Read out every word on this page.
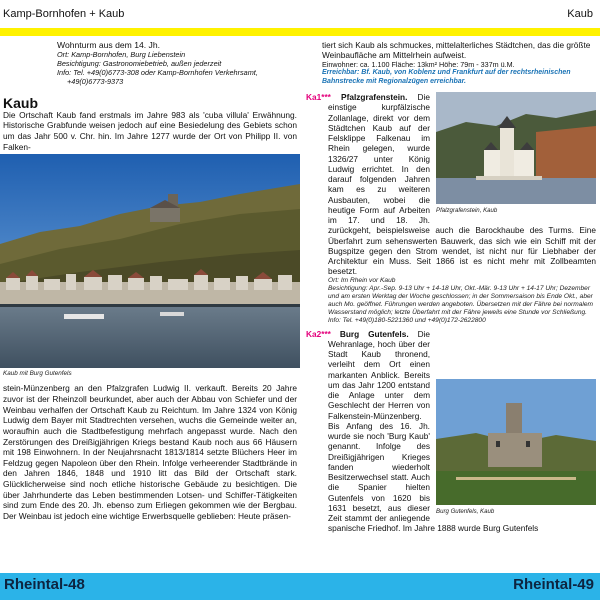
Kamp-Bornhofen + Kaub	Kaub
Wohnturm aus dem 14. Jh.
Ort: Kamp-Bornhofen, Burg Liebenstein
Besichtigung: Gastronomiebetrieb, außen jederzeit
Info: Tel. +49(0)6773-308 oder Kamp-Bornhofen Verkehrsamt,
+49(0)6773-9373
Kaub
Die Ortschaft Kaub fand erstmals im Jahre 983 als 'cuba villula' Erwähnung. Historische Grabfunde weisen jedoch auf eine Besiedelung des Gebiets schon um das Jahr 500 v. Chr. hin. Im Jahre 1277 wurde der Ort von Philipp II. von Falken-
Kaub mit Burg Gutenfels
stein-Münzenberg an den Pfalzgrafen Ludwig II. verkauft. Bereits 20 Jahre zuvor ist der Rheinzoll beurkundet, aber auch der Abbau von Schiefer und der Weinbau verhalfen der Ortschaft Kaub zu Reichtum. Im Jahre 1324 von König Ludwig dem Bayer mit Stadtrechten versehen, wuchs die Gemeinde weiter an, woraufhin auch die Stadtbefestigung mehrfach angepasst wurde. Nach den Zerstörungen des Dreißigjährigen Kriegs bestand Kaub noch aus 66 Häusern mit 198 Einwohnern. In der Neujahrsnacht 1813/1814 setzte Blüchers Heer im Feldzug gegen Napoleon über den Rhein. Infolge verheerender Stadtbrände in den Jahren 1846, 1848 und 1910 litt das Bild der Ortschaft stark. Glücklicherweise sind noch etliche historische Gebäude zu besichtigen. Die über Jahrhunderte das Leben bestimmenden Lotsen- und Schiffer-Tätigkeiten sind zum Ende des 20. Jh. ebenso zum Erliegen gekommen wie der Bergbau. Der Weinbau ist jedoch eine wichtige Erwerbsquelle geblieben: Heute präsen-
tiert sich Kaub als schmuckes, mittelalterliches Städtchen, das die größte Weinbaufläche am Mittelrhein aufweist.
Einwohner: ca. 1.100 Fläche: 13km² Höhe: 79m - 337m ü.M.
Erreichbar: Bf. Kaub, von Koblenz und Frankfurt auf der rechtsrheinischen Bahnstrecke mit Regionalzügen erreichbar.
Pfalzgrafenstein, Kaub
Ka1*** Pfalzgrafenstein. Die einstige kurpfälzische Zollanlage, direkt vor dem Städtchen Kaub auf der Felsklippe Falkenau im Rhein gelegen, wurde 1326/27 unter König Ludwig errichtet. In den darauf folgenden Jahren kam es zu weiteren Ausbauten, wobei die heutige Form auf Arbeiten im 17. und 18. Jh. zurückgeht, beispielsweise auch die Barockhaube des Turms. Eine Überfahrt zum sehenswerten Bauwerk, das sich wie ein Schiff mit der Bugspitze gegen den Strom wendet, ist nicht nur für Liebhaber der Architektur ein Muss. Seit 1866 ist es nicht mehr mit Zollbeamten besetzt.
Ort: Im Rhein vor Kaub
Besichtigung: Apr.-Sep. 9-13 Uhr + 14-18 Uhr, Okt.-Mär. 9-13 Uhr + 14-17 Uhr; Dezember und am ersten Werktag der Woche geschlossen; in der Sommersaison bis Ende Okt., aber auch Mo. geöffnet. Führungen werden angeboten. Übersetzen mit der Fähre bei normalem Wasserstand möglich; letzte Überfahrt mit der Fähre jeweils eine Stunde vor Schließung.
Info: Tel. +49(0)180-5221360 und +49(0)172-2622800
Burg Gutenfels, Kaub
Ka2*** Burg Gutenfels. Die Wehranlage, hoch über der Stadt Kaub thronend, verleiht dem Ort einen markanten Anblick. Bereits um das Jahr 1200 entstand die Anlage unter dem Geschlecht der Herren von Falkenstein-Münzenberg. Bis Anfang des 16. Jh. wurde sie noch 'Burg Kaub' genannt. Infolge des Dreißigjährigen Krieges fanden wiederholt Besitzerwechsel statt. Auch die Spanier hielten Gutenfels von 1620 bis 1631 besetzt, aus dieser Zeit stammt der anliegende spanische Friedhof. Im Jahre 1888 wurde Burg Gutenfels
Rheintal-48	Rheintal-49
